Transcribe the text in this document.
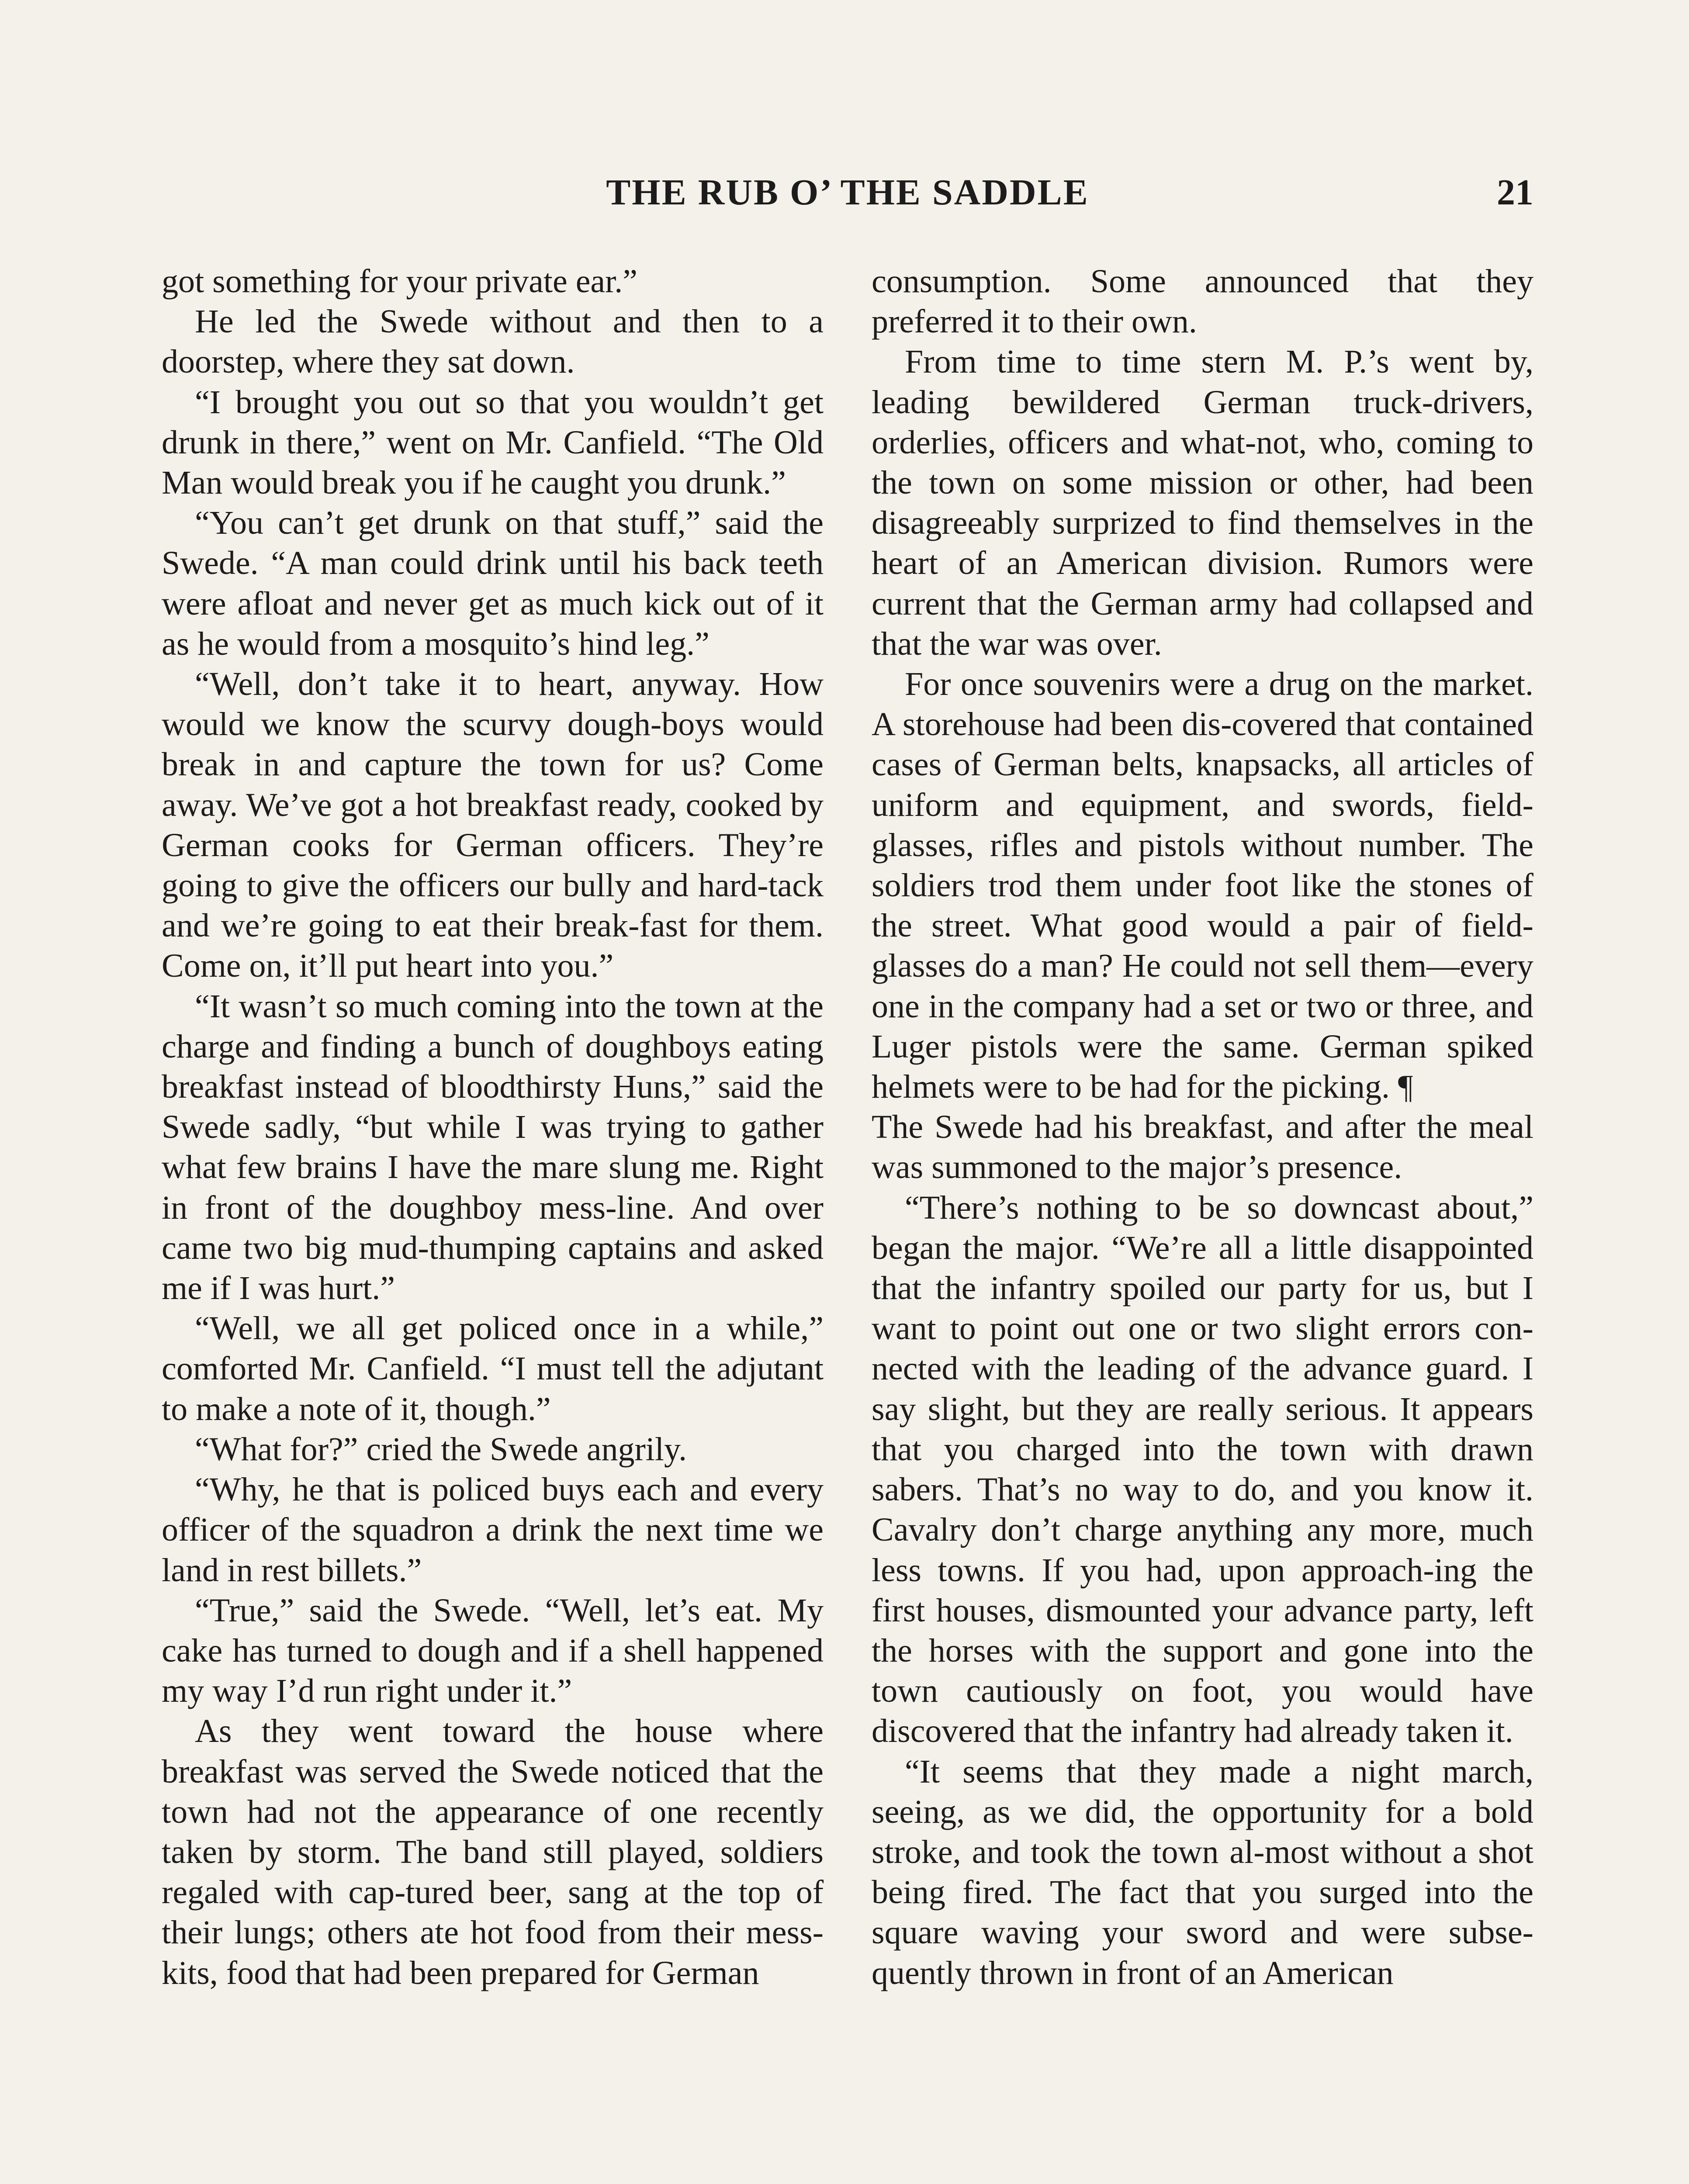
THE RUB O’ THE SADDLE	21

got something for your private ear.”

He led the Swede without and then to a doorstep, where they sat down.

“I brought you out so that you wouldn’t get drunk in there,” went on Mr. Canfield. “The Old Man would break you if he caught you drunk.”

“You can’t get drunk on that stuff,” said the Swede. “A man could drink until his back teeth were afloat and never get as much kick out of it as he would from a mosquito’s hind leg.”

“Well, don’t take it to heart, anyway. How would we know the scurvy dough-boys would break in and capture the town for us? Come away. We’ve got a hot breakfast ready, cooked by German cooks for German officers. They’re going to give the officers our bully and hard-tack and we’re going to eat their break-fast for them. Come on, it’ll put heart into you.”

“It wasn’t so much coming into the town at the charge and finding a bunch of doughboys eating breakfast instead of bloodthirsty Huns,” said the Swede sadly, “but while I was trying to gather what few brains I have the mare slung me. Right in front of the doughboy mess-line. And over came two big mud-thumping captains and asked me if I was hurt.”

“Well, we all get policed once in a while,” comforted Mr. Canfield. “I must tell the adjutant to make a note of it, though.”

“What for?” cried the Swede angrily.

“Why, he that is policed buys each and every officer of the squadron a drink the next time we land in rest billets.”

“True,” said the Swede. “Well, let’s eat. My cake has turned to dough and if a shell happened my way I’d run right under it.”

As they went toward the house where breakfast was served the Swede noticed that the town had not the appearance of one recently taken by storm. The band still played, soldiers regaled with cap-tured beer, sang at the top of their lungs; others ate hot food from their mess-kits, food that had been prepared for German

consumption. Some announced that they preferred it to their own.

From time to time stern M. P.’s went by, leading bewildered German truck-drivers, orderlies, officers and what-not, who, coming to the town on some mission or other, had been disagreeably surprized to find themselves in the heart of an American division. Rumors were current that the German army had collapsed and that the war was over.

For once souvenirs were a drug on the market. A storehouse had been dis-covered that contained cases of German belts, knapsacks, all articles of uniform and equipment, and swords, field-glasses, rifles and pistols without number. The soldiers trod them under foot like the stones of the street. What good would a pair of field-glasses do a man? He could not sell them—every one in the company had a set or two or three, and Luger pistols were the same. German spiked helmets were to be had for the picking. ¶

The Swede had his breakfast, and after the meal was summoned to the major’s presence.

“There’s nothing to be so downcast about,” began the major. “We’re all a little disappointed that the infantry spoiled our party for us, but I want to point out one or two slight errors con-nected with the leading of the advance guard. I say slight, but they are really serious. It appears that you charged into the town with drawn sabers. That’s no way to do, and you know it. Cavalry don’t charge anything any more, much less towns. If you had, upon approach-ing the first houses, dismounted your advance party, left the horses with the support and gone into the town cautiously on foot, you would have discovered that the infantry had already taken it.

“It seems that they made a night march, seeing, as we did, the opportunity for a bold stroke, and took the town al-most without a shot being fired. The fact that you surged into the square waving your sword and were subse-quently thrown in front of an American
